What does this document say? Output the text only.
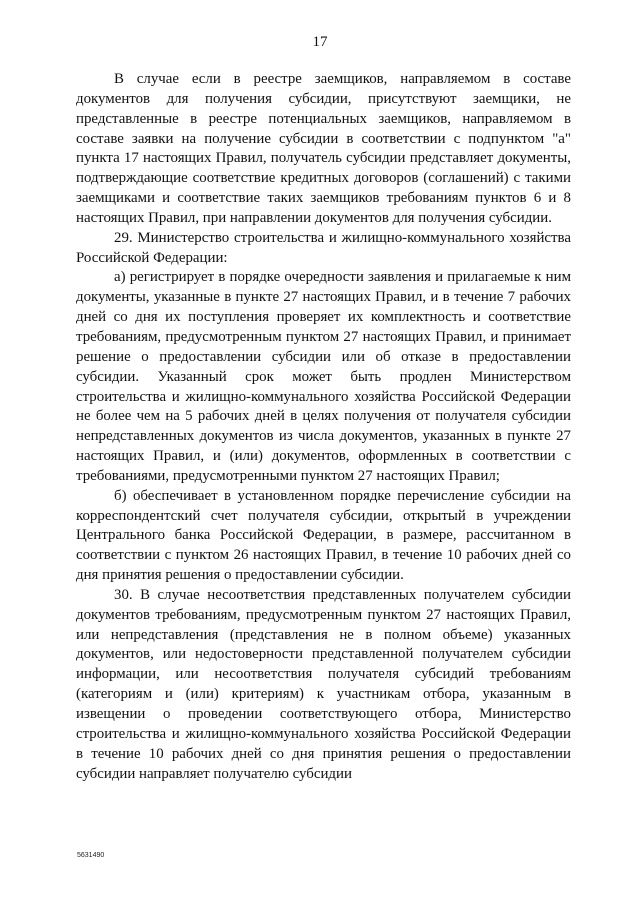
17

В случае если в реестре заемщиков, направляемом в составе документов для получения субсидии, присутствуют заемщики, не представленные в реестре потенциальных заемщиков, направляемом в составе заявки на получение субсидии в соответствии с подпунктом "а" пункта 17 настоящих Правил, получатель субсидии представляет документы, подтверждающие соответствие кредитных договоров (соглашений) с такими заемщиками и соответствие таких заемщиков требованиям пунктов 6 и 8 настоящих Правил, при направлении документов для получения субсидии.

29. Министерство строительства и жилищно-коммунального хозяйства Российской Федерации:

а) регистрирует в порядке очередности заявления и прилагаемые к ним документы, указанные в пункте 27 настоящих Правил, и в течение 7 рабочих дней со дня их поступления проверяет их комплектность и соответствие требованиям, предусмотренным пунктом 27 настоящих Правил, и принимает решение о предоставлении субсидии или об отказе в предоставлении субсидии. Указанный срок может быть продлен Министерством строительства и жилищно-коммунального хозяйства Российской Федерации не более чем на 5 рабочих дней в целях получения от получателя субсидии непредставленных документов из числа документов, указанных в пункте 27 настоящих Правил, и (или) документов, оформленных в соответствии с требованиями, предусмотренными пунктом 27 настоящих Правил;

б) обеспечивает в установленном порядке перечисление субсидии на корреспондентский счет получателя субсидии, открытый в учреждении Центрального банка Российской Федерации, в размере, рассчитанном в соответствии с пунктом 26 настоящих Правил, в течение 10 рабочих дней со дня принятия решения о предоставлении субсидии.

30. В случае несоответствия представленных получателем субсидии документов требованиям, предусмотренным пунктом 27 настоящих Правил, или непредставления (представления не в полном объеме) указанных документов, или недостоверности представленной получателем субсидии информации, или несоответствия получателя субсидий требованиям (категориям и (или) критериям) к участникам отбора, указанным в извещении о проведении соответствующего отбора, Министерство строительства и жилищно-коммунального хозяйства Российской Федерации в течение 10 рабочих дней со дня принятия решения о предоставлении субсидии направляет получателю субсидии

5631490
